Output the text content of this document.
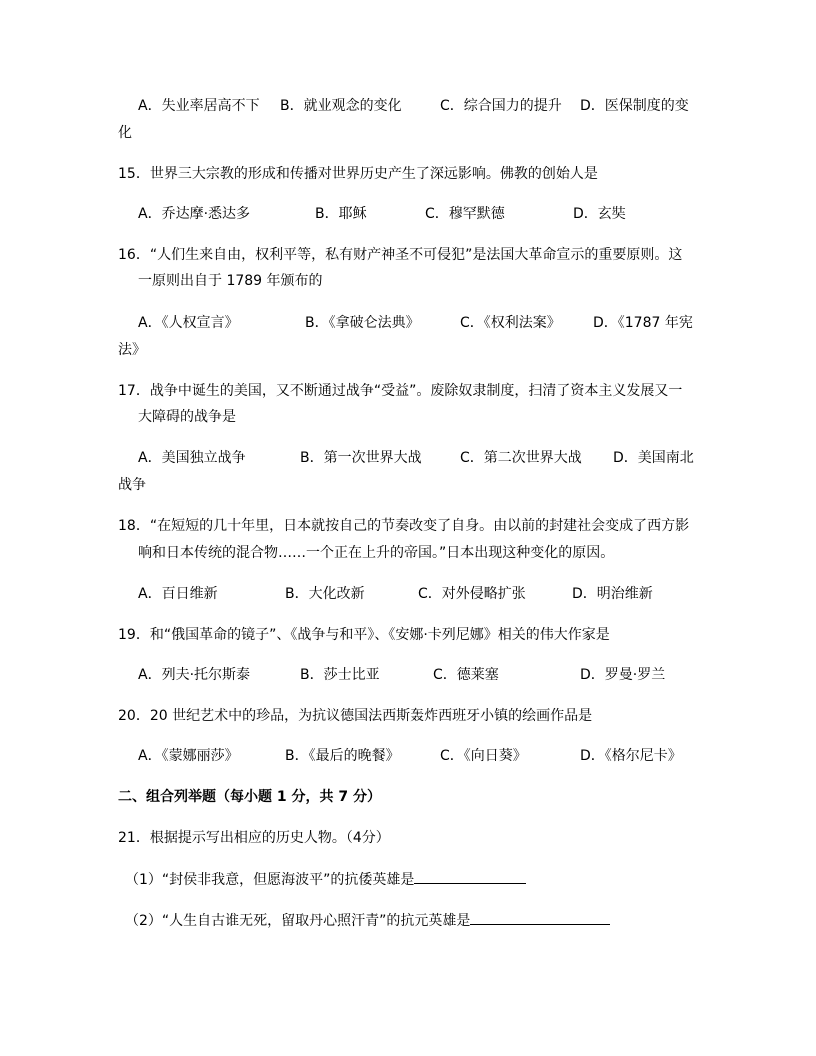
A．失业率居高不下 B．就业观念的变化	C．综合国力的提升 D．医保制度的变
化
15．世界三大宗教的形成和传播对世界历史产生了深远影响。佛教的创始人是
A．乔达摩·悉达多	B．耶稣	C．穆罕默德	D．玄奘
16．“人们生来自由，权利平等，私有财产神圣不可侵犯”是法国大革命宣示的重要原则。这
一原则出自于 1789 年颁布的
A．《人权宣言》	B．《拿破仑法典》	C．《权利法案》 D．《1787 年宪
法》
17．战争中诞生的美国，又不断通过战争“受益”。废除奴隶制度，扫清了资本主义发展又一
大障碍的战争是
A．美国独立战争	B．第一次世界大战	C．第二次世界大战 D．美国南北
战争
18．“在短短的几十年里，日本就按自己的节奏改变了自身。由以前的封建社会变成了西方影
响和日本传统的混合物……一个正在上升的帝国。”日本出现这种变化的原因。
A．百日维新	B．大化改新	C．对外侵略扩张	D．明治维新
19．和“俄国革命的镜子”、《战争与和平》、《安娜·卡列尼娜》相关的伟大作家是
A．列夫·托尔斯泰	B．莎士比亚	C．德莱塞	D．罗曼·罗兰
20．20 世纪艺术中的珍品，为抗议德国法西斯轰炸西班牙小镇的绘画作品是
A．《蒙娜丽莎》	B．《最后的晚餐》	C．《向日葵》	D．《格尔尼卡》
二、组合列举题（每小题 1 分，共 7 分）
21．根据提示写出相应的历史人物。（4分）
（1）“封侯非我意，但愿海波平”的抗倭英雄是
（2）“人生自古谁无死，留取丹心照汗青”的抗元英雄是
